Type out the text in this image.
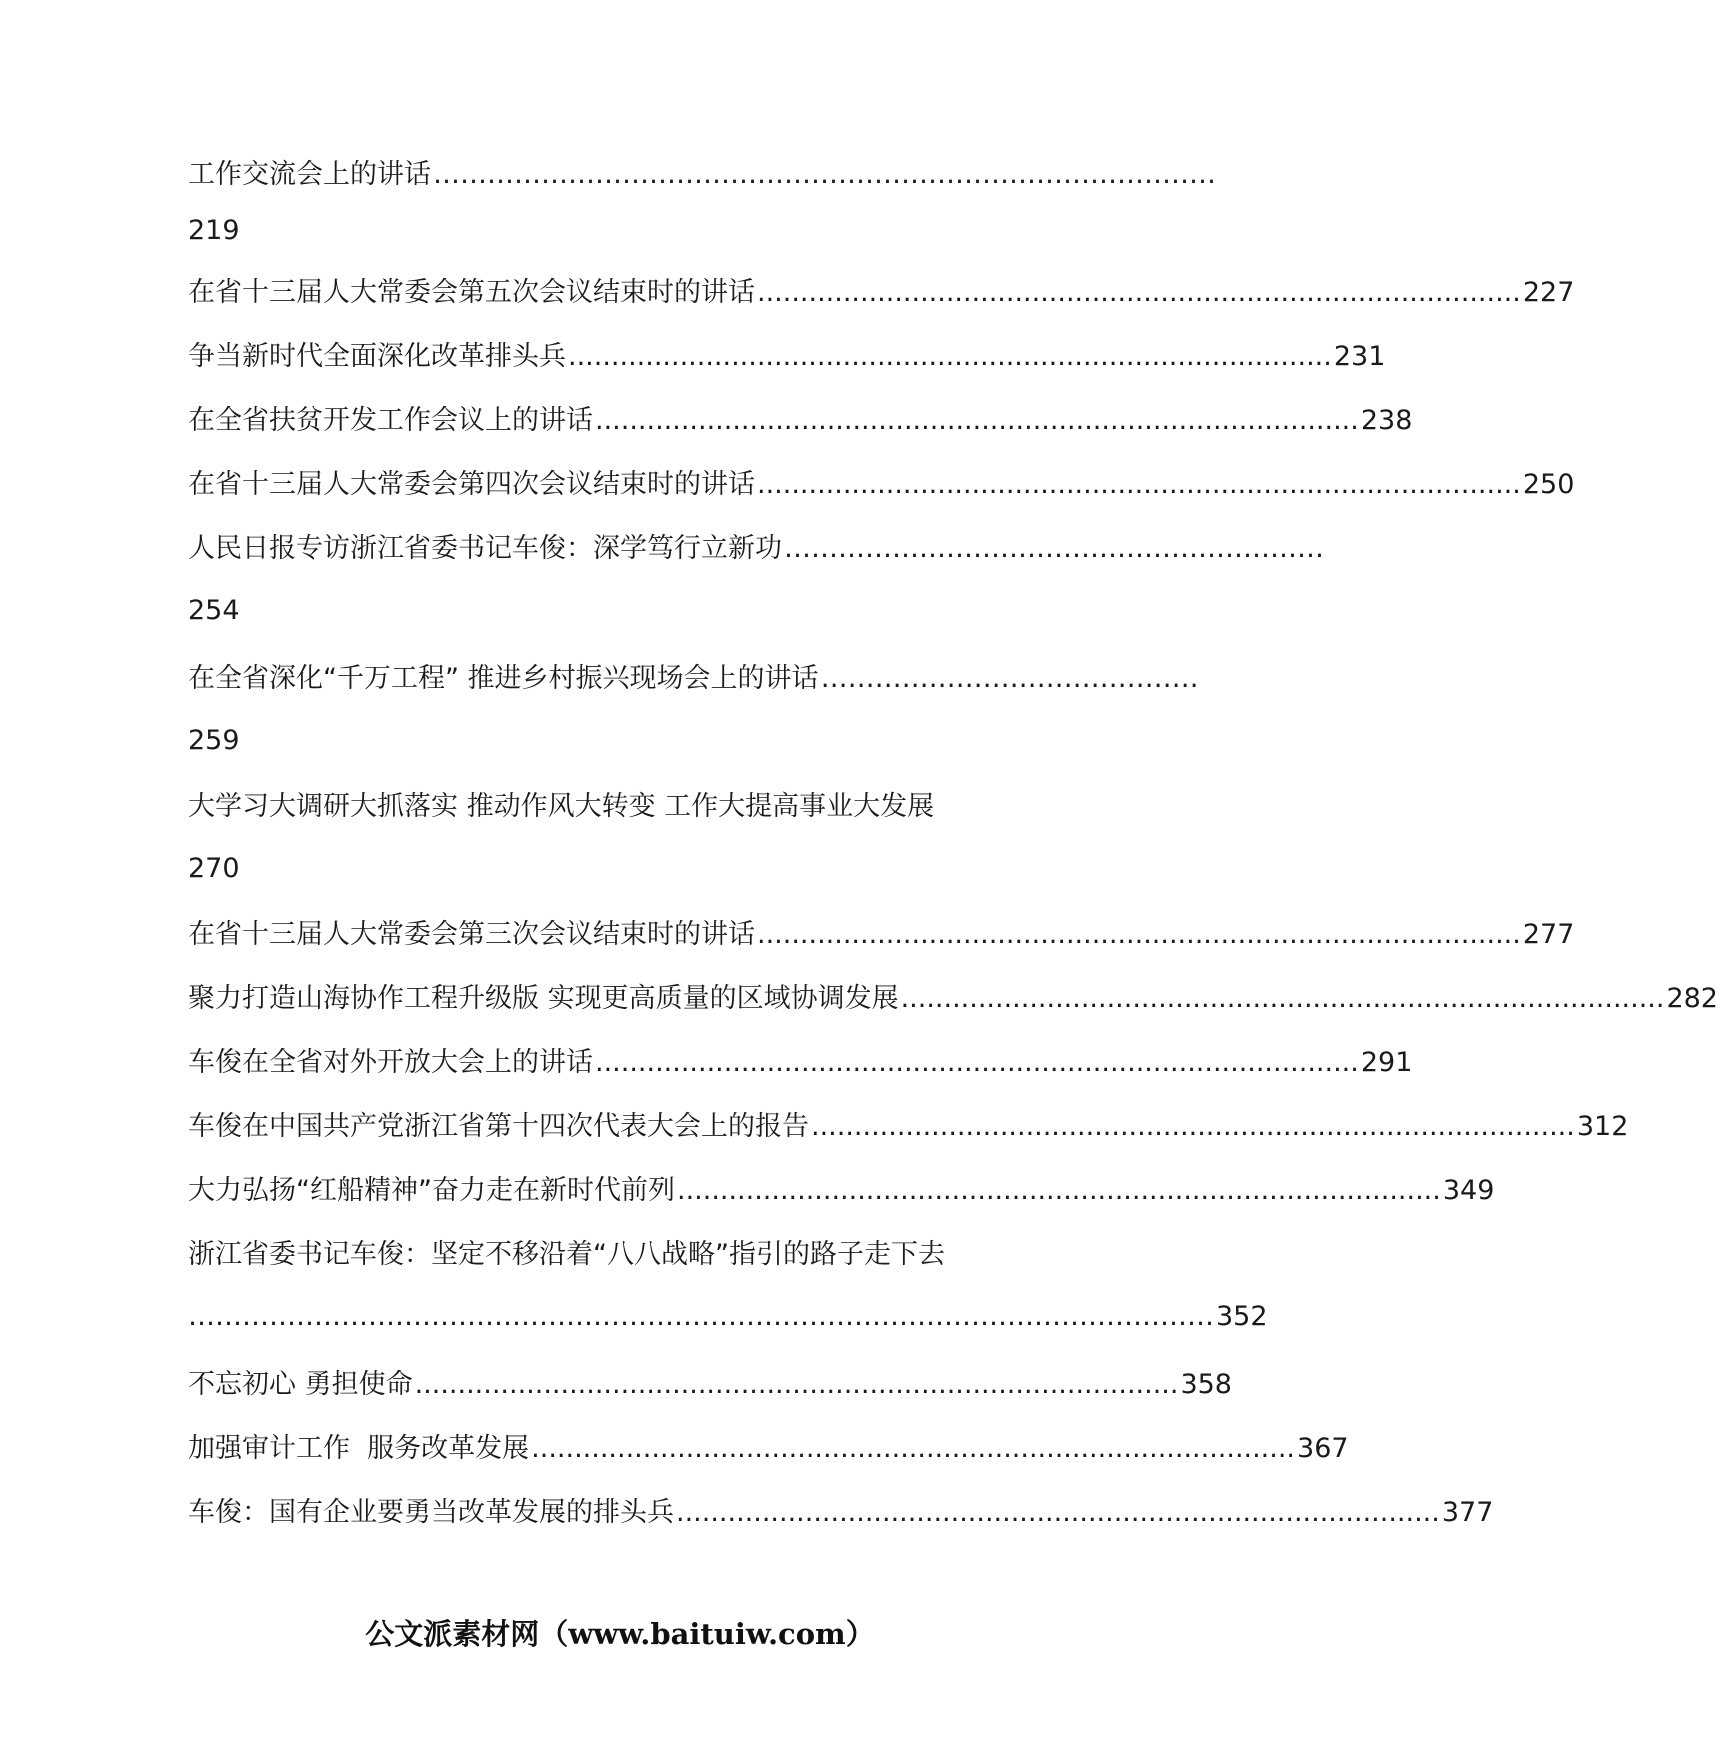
工作交流会上的讲话 ……………………………………………………………………………
219
在省十三届人大常委会第五次会议结束时的讲话 ......................................................................................... 227
争当新时代全面深化改革排头兵 ......................................................................................... 231
在全省扶贫开发工作会议上的讲话 ......................................................................................... 238
在省十三届人大常委会第四次会议结束时的讲话 ......................................................................................... 250
人民日报专访浙江省委书记车俊：深学笃行立新功 ……………………………………………………
254
在全省深化“千万工程” 推进乡村振兴现场会上的讲话 ……………………………………
259
大学习大调研大抓落实 推动作风大转变 工作大提高事业大发展
270
在省十三届人大常委会第三次会议结束时的讲话 ......................................................................................... 277
聚力打造山海协作工程升级版 实现更高质量的区域协调发展 ......................................................................................... 282
车俊在全省对外开放大会上的讲话 ......................................................................................... 291
车俊在中国共产党浙江省第十四次代表大会上的报告 ......................................................................................... 312
大力弘扬“红船精神”奋力走在新时代前列 ......................................................................................... 349
浙江省委书记车俊：坚定不移沿着“八八战略”指引的路子走下去
…………………………………………………………………………………………………… 352
不忘初心 勇担使命 ......................................................................................... 358
加强审计工作  服务改革发展 ......................................................................................... 367
车俊：国有企业要勇当改革发展的排头兵 ......................................................................................... 377
公文派素材网（www.baituiw.com）
